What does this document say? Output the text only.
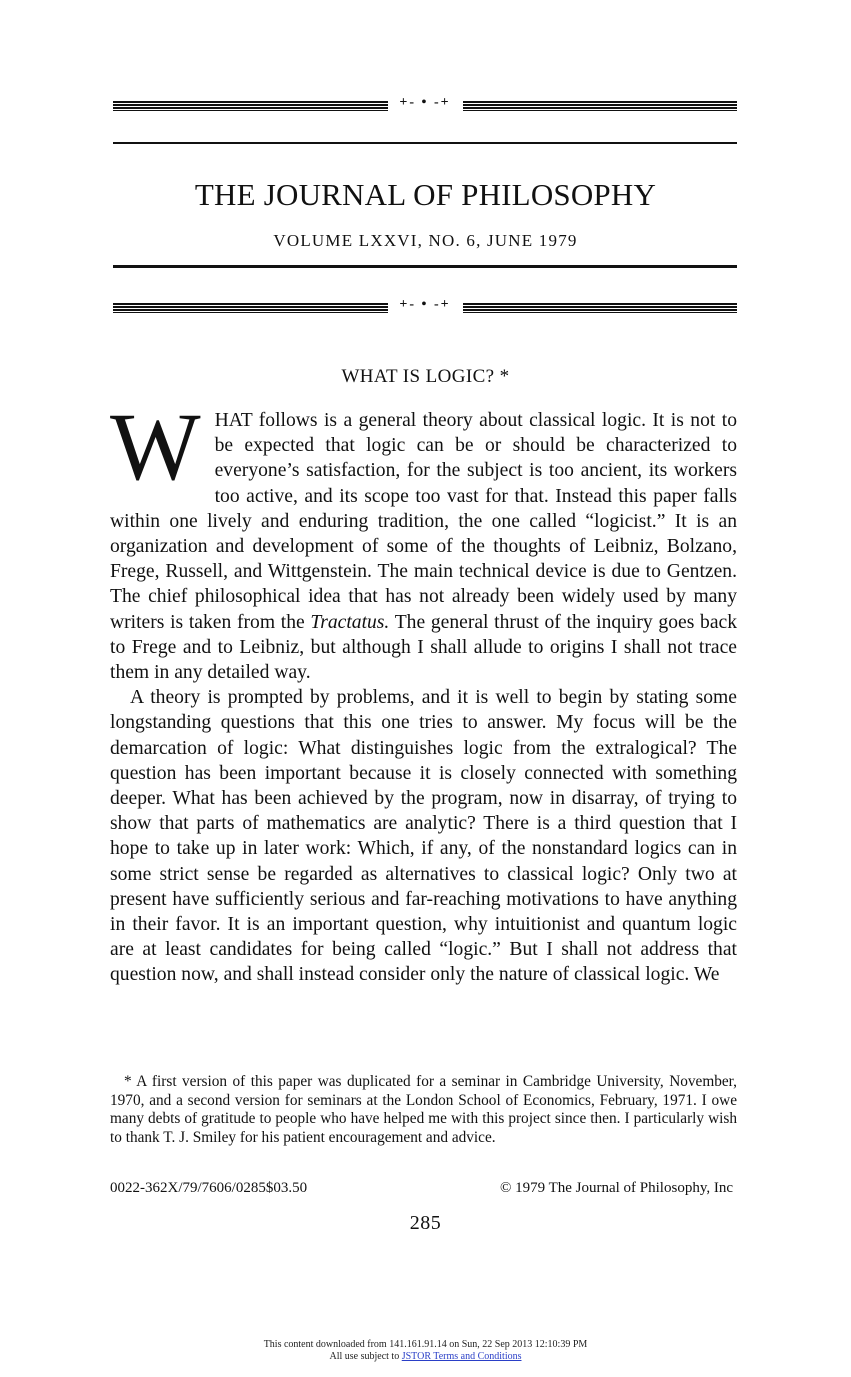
+- • -+
THE JOURNAL OF PHILOSOPHY
VOLUME LXXVI, NO. 6, JUNE 1979
+- • -+
WHAT IS LOGIC? *

WHAT follows is a general theory about classical logic. It is not to be expected that logic can be or should be characterized to everyone’s satisfaction, for the subject is too ancient, its workers too active, and its scope too vast for that. Instead this paper falls within one lively and enduring tradition, the one called “logicist.” It is an organization and development of some of the thoughts of Leibniz, Bolzano, Frege, Russell, and Wittgenstein. The main technical device is due to Gentzen. The chief philosophical idea that has not already been widely used by many writers is taken from the Tractatus. The general thrust of the inquiry goes back to Frege and to Leibniz, but although I shall allude to origins I shall not trace them in any detailed way.

A theory is prompted by problems, and it is well to begin by stating some longstanding questions that this one tries to answer. My focus will be the demarcation of logic: What distinguishes logic from the extralogical? The question has been important because it is closely connected with something deeper. What has been achieved by the program, now in disarray, of trying to show that parts of mathematics are analytic? There is a third question that I hope to take up in later work: Which, if any, of the nonstandard logics can in some strict sense be regarded as alternatives to classical logic? Only two at present have sufficiently serious and far-reaching motivations to have anything in their favor. It is an important question, why intuitionist and quantum logic are at least candidates for being called “logic.” But I shall not address that question now, and shall instead consider only the nature of classical logic. We

* A first version of this paper was duplicated for a seminar in Cambridge University, November, 1970, and a second version for seminars at the London School of Economics, February, 1971. I owe many debts of gratitude to people who have helped me with this project since then. I particularly wish to thank T. J. Smiley for his patient encouragement and advice.

0022-362X/79/7606/0285$03.50	© 1979 The Journal of Philosophy, Inc
285
This content downloaded from 141.161.91.14 on Sun, 22 Sep 2013 12:10:39 PM
All use subject to JSTOR Terms and Conditions
